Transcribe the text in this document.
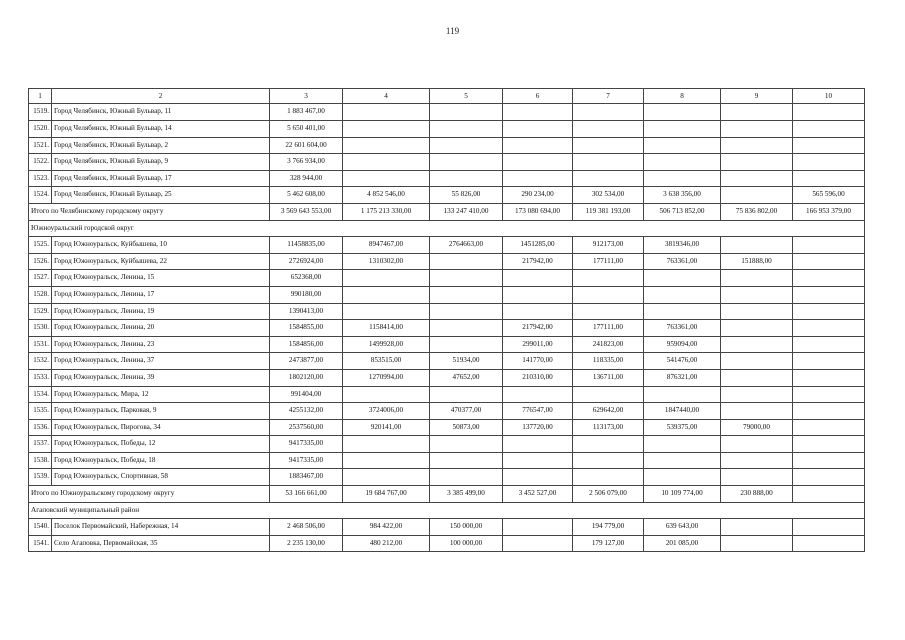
119
1	2	3	4	5	6	7	8	9	10
1519.	Город Челябинск, Южный Бульвар, 11	1 883 467,00							
1520.	Город Челябинск, Южный Бульвар, 14	5 650 401,00							
1521.	Город Челябинск, Южный Бульвар, 2	22 601 604,00							
1522.	Город Челябинск, Южный Бульвар, 9	3 766 934,00							
1523.	Город Челябинск, Южный Бульвар, 17	328 944,00							
1524.	Город Челябинск, Южный Бульвар, 25	5 462 608,00	4 852 546,00	55 826,00	290 234,00	302 534,00	3 638 356,00		565 596,00
Итого по Челябинскому городскому округу		3 569 643 553,00	1 175 213 330,00	133 247 410,00	173 080 694,00	119 381 193,00	506 713 852,00	75 836 802,00	166 953 379,00
Южноуральский городской округ									
1525.	Город Южноуральск, Куйбышева, 10	11458835,00	8947467,00	2764663,00	1451285,00	912173,00	3819346,00		
1526.	Город Южноуральск, Куйбышева, 22	2726924,00	1310302,00		217942,00	177111,00	763361,00	151888,00	
1527.	Город Южноуральск, Ленина, 15	652368,00							
1528.	Город Южноуральск, Ленина, 17	990180,00							
1529.	Город Южноуральск, Ленина, 19	1390413,00							
1530.	Город Южноуральск, Ленина, 20	1584855,00	1158414,00		217942,00	177111,00	763361,00		
1531.	Город Южноуральск, Ленина, 23	1584856,00	1499928,00		299011,00	241823,00	959094,00		
1532.	Город Южноуральск, Ленина, 37	2473877,00	853515,00	51934,00	141770,00	118335,00	541476,00		
1533.	Город Южноуральск, Ленина, 39	1802120,00	1270994,00	47652,00	210310,00	136711,00	876321,00		
1534.	Город Южноуральск, Мира, 12	991404,00							
1535.	Город Южноуральск, Парковая, 9	4255132,00	3724006,00	470377,00	776547,00	629642,00	1847440,00		
1536.	Город Южноуральск, Пирогова, 34	2537560,00	920141,00	50873,00	137720,00	113173,00	539375,00	79000,00	
1537.	Город Южноуральск, Победы, 12	9417335,00							
1538.	Город Южноуральск, Победы, 18	9417335,00							
1539.	Город Южноуральск, Спортивная, 58	1883467,00							
Итого по Южноуральскому городскому округу		53 166 661,00	19 684 767,00	3 385 499,00	3 452 527,00	2 506 079,00	10 109 774,00	230 888,00	
Агаповский муниципальный район									
1540.	Поселок Первомайский, Набережная, 14	2 468 506,00	984 422,00	150 000,00		194 779,00	639 643,00		
1541.	Село Агаповка, Первомайская, 35	2 235 130,00	480 212,00	100 000,00		179 127,00	201 085,00		
